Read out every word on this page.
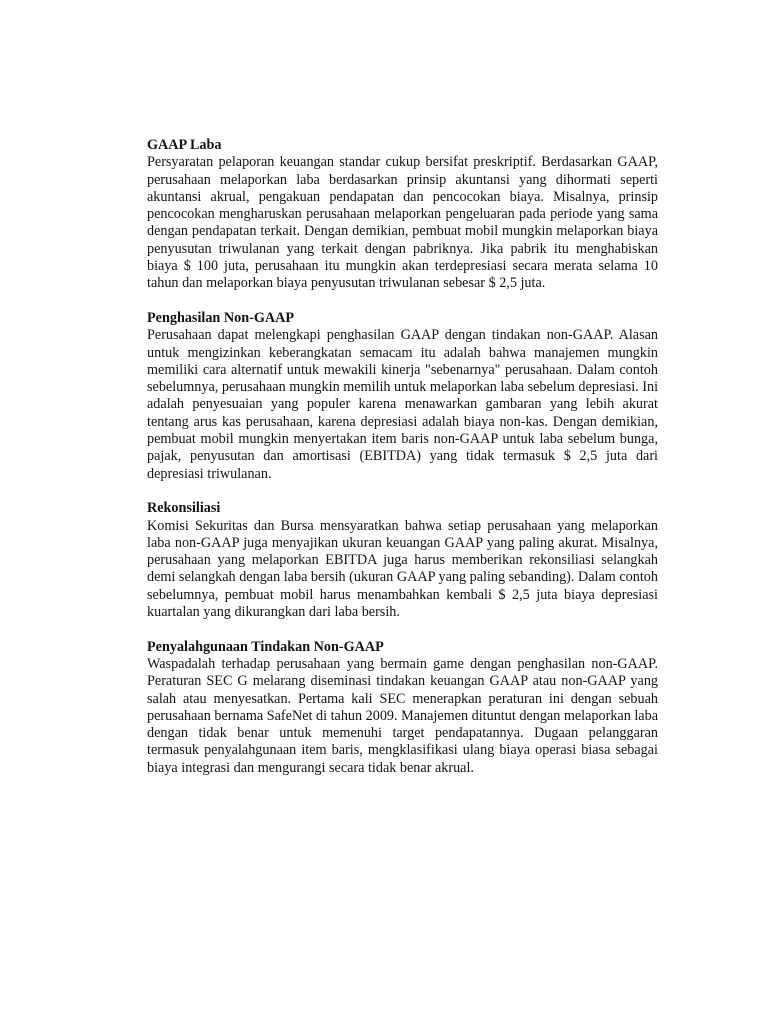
GAAP Laba
Persyaratan pelaporan keuangan standar cukup bersifat preskriptif. Berdasarkan GAAP, perusahaan melaporkan laba berdasarkan prinsip akuntansi yang dihormati seperti akuntansi akrual, pengakuan pendapatan dan pencocokan biaya. Misalnya, prinsip pencocokan mengharuskan perusahaan melaporkan pengeluaran pada periode yang sama dengan pendapatan terkait. Dengan demikian, pembuat mobil mungkin melaporkan biaya penyusutan triwulanan yang terkait dengan pabriknya. Jika pabrik itu menghabiskan biaya $ 100 juta, perusahaan itu mungkin akan terdepresiasi secara merata selama 10 tahun dan melaporkan biaya penyusutan triwulanan sebesar $ 2,5 juta.
Penghasilan Non-GAAP
Perusahaan dapat melengkapi penghasilan GAAP dengan tindakan non-GAAP. Alasan untuk mengizinkan keberangkatan semacam itu adalah bahwa manajemen mungkin memiliki cara alternatif untuk mewakili kinerja "sebenarnya" perusahaan. Dalam contoh sebelumnya, perusahaan mungkin memilih untuk melaporkan laba sebelum depresiasi. Ini adalah penyesuaian yang populer karena menawarkan gambaran yang lebih akurat tentang arus kas perusahaan, karena depresiasi adalah biaya non-kas. Dengan demikian, pembuat mobil mungkin menyertakan item baris non-GAAP untuk laba sebelum bunga, pajak, penyusutan dan amortisasi (EBITDA) yang tidak termasuk $ 2,5 juta dari depresiasi triwulanan.
Rekonsiliasi
Komisi Sekuritas dan Bursa mensyaratkan bahwa setiap perusahaan yang melaporkan laba non-GAAP juga menyajikan ukuran keuangan GAAP yang paling akurat. Misalnya, perusahaan yang melaporkan EBITDA juga harus memberikan rekonsiliasi selangkah demi selangkah dengan laba bersih (ukuran GAAP yang paling sebanding). Dalam contoh sebelumnya, pembuat mobil harus menambahkan kembali $ 2,5 juta biaya depresiasi kuartalan yang dikurangkan dari laba bersih.
Penyalahgunaan Tindakan Non-GAAP
Waspadalah terhadap perusahaan yang bermain game dengan penghasilan non-GAAP. Peraturan SEC G melarang diseminasi tindakan keuangan GAAP atau non-GAAP yang salah atau menyesatkan. Pertama kali SEC menerapkan peraturan ini dengan sebuah perusahaan bernama SafeNet di tahun 2009. Manajemen dituntut dengan melaporkan laba dengan tidak benar untuk memenuhi target pendapatannya. Dugaan pelanggaran termasuk penyalahgunaan item baris, mengklasifikasi ulang biaya operasi biasa sebagai biaya integrasi dan mengurangi secara tidak benar akrual.
